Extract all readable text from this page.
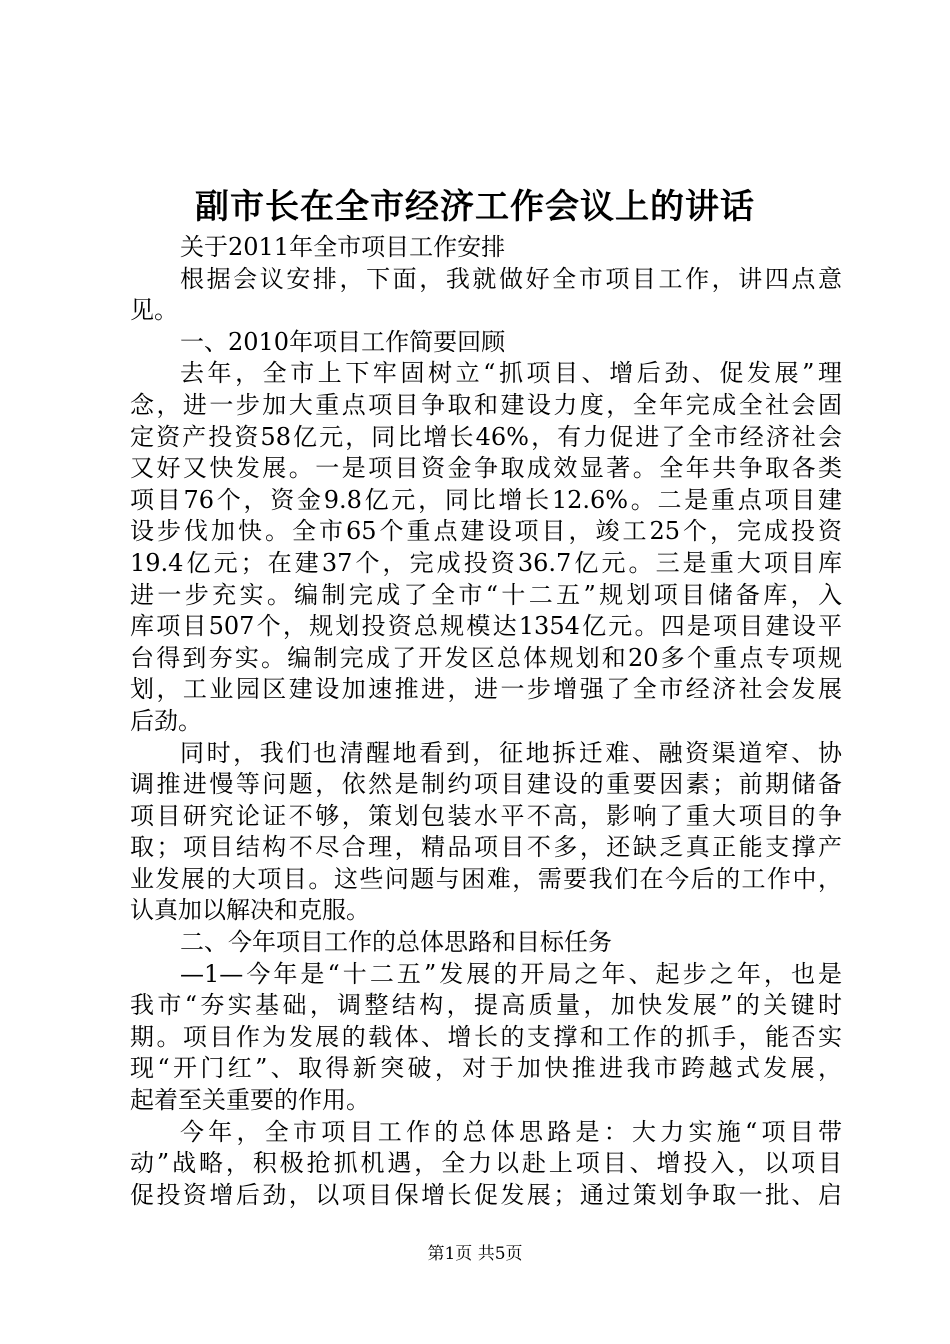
副市长在全市经济工作会议上的讲话
关于2011年全市项目工作安排
根据会议安排，下面，我就做好全市项目工作，讲四点意
见。
一、2010年项目工作简要回顾
去年，全市上下牢固树立“抓项目、增后劲、促发展”理
念，进一步加大重点项目争取和建设力度，全年完成全社会固
定资产投资58亿元，同比增长46%，有力促进了全市经济社会
又好又快发展。一是项目资金争取成效显著。全年共争取各类
项目76个，资金9.8亿元，同比增长12.6%。二是重点项目建
设步伐加快。全市65个重点建设项目，竣工25个，完成投资
19.4亿元；在建37个，完成投资36.7亿元。三是重大项目库
进一步充实。编制完成了全市“十二五”规划项目储备库，入
库项目507个，规划投资总规模达1354亿元。四是项目建设平
台得到夯实。编制完成了开发区总体规划和20多个重点专项规
划，工业园区建设加速推进，进一步增强了全市经济社会发展
后劲。
同时，我们也清醒地看到，征地拆迁难、融资渠道窄、协
调推进慢等问题，依然是制约项目建设的重要因素；前期储备
项目研究论证不够，策划包装水平不高，影响了重大项目的争
取；项目结构不尽合理，精品项目不多，还缺乏真正能支撑产
业发展的大项目。这些问题与困难，需要我们在今后的工作中，
认真加以解决和克服。
二、今年项目工作的总体思路和目标任务
—1—今年是“十二五”发展的开局之年、起步之年，也是
我市“夯实基础，调整结构，提高质量，加快发展”的关键时
期。项目作为发展的载体、增长的支撑和工作的抓手，能否实
现“开门红”、取得新突破，对于加快推进我市跨越式发展，
起着至关重要的作用。
今年，全市项目工作的总体思路是：大力实施“项目带
动”战略，积极抢抓机遇，全力以赴上项目、增投入，以项目
促投资增后劲，以项目保增长促发展；通过策划争取一批、启
第1页 共5页
